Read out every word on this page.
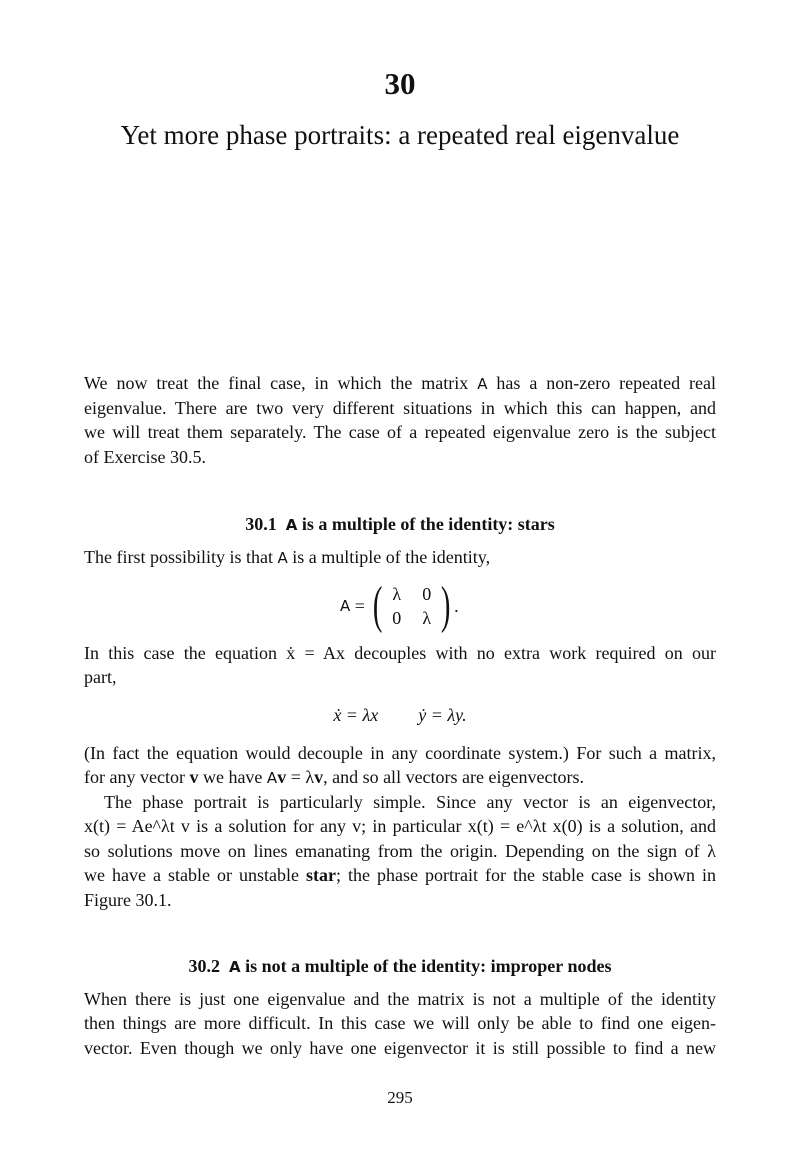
30
Yet more phase portraits: a repeated real eigenvalue
We now treat the final case, in which the matrix A has a non-zero repeated real
eigenvalue. There are two very different situations in which this can happen, and
we will treat them separately. The case of a repeated eigenvalue zero is the subject
of Exercise 30.5.
30.1 A is a multiple of the identity: stars
The first possibility is that A is a multiple of the identity,
A = ( λ	0
0	λ ) .
In this case the equation ẋ = Ax decouples with no extra work required on our
part,
ẋ = λx ẏ = λy.
(In fact the equation would decouple in any coordinate system.) For such a matrix,
for any vector v we have Av = λv, and so all vectors are eigenvectors.
The phase portrait is particularly simple. Since any vector is an eigenvector,
x(t) = Ae^λt v is a solution for any v; in particular x(t) = e^λt x(0) is a solution, and
so solutions move on lines emanating from the origin. Depending on the sign of λ
we have a stable or unstable star; the phase portrait for the stable case is shown in
Figure 30.1.
30.2 A is not a multiple of the identity: improper nodes
When there is just one eigenvalue and the matrix is not a multiple of the identity
then things are more difficult. In this case we will only be able to find one eigen-
vector. Even though we only have one eigenvector it is still possible to find a new
295
